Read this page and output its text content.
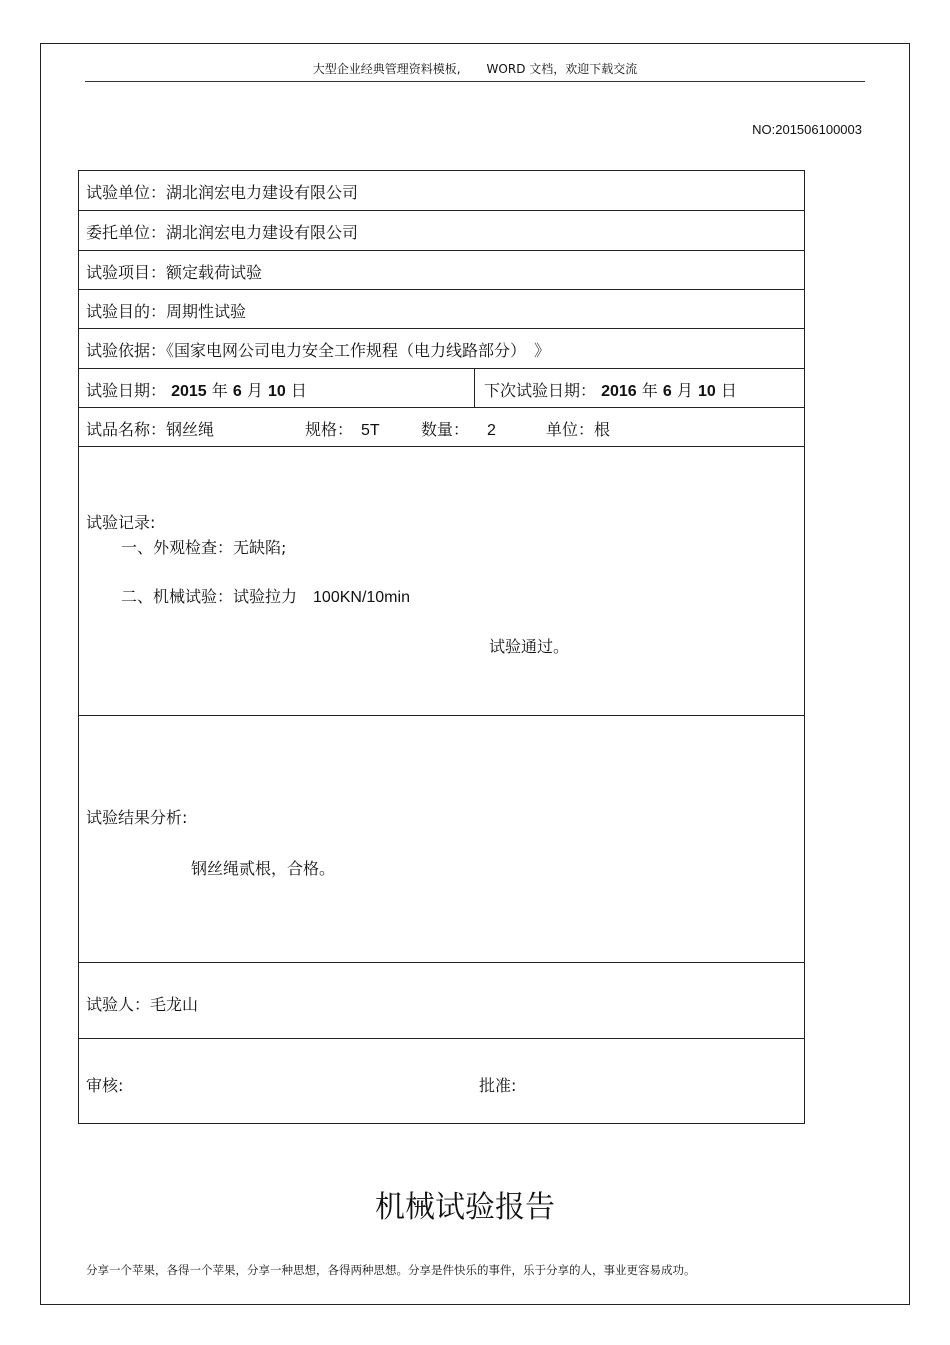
大型企业经典管理资料模板, WORD 文档，欢迎下载交流
NO:201506100003
试验单位：湖北润宏电力建设有限公司
委托单位：湖北润宏电力建设有限公司
试验项目：额定载荷试验
试验目的：周期性试验
试验依据：《国家电网公司电力安全工作规程（电力线路部分）　》
试验日期： 2015 年 6 月 10 日	下次试验日期： 2016 年 6 月 10 日
试品名称：钢丝绳	规格： 5T	数量： 2	单位：根
试验记录:
一、外观检查：无缺陷;
二、机械试验：试验拉力 100KN/10min
试验通过。
试验结果分析:
钢丝绳贰根，合格。
试验人：毛龙山
审核:	批准:
机械试验报告
分享一个苹果，各得一个苹果，分享一种思想，各得两种思想。分享是件快乐的事件，乐于分享的人，事业更容易成功。
